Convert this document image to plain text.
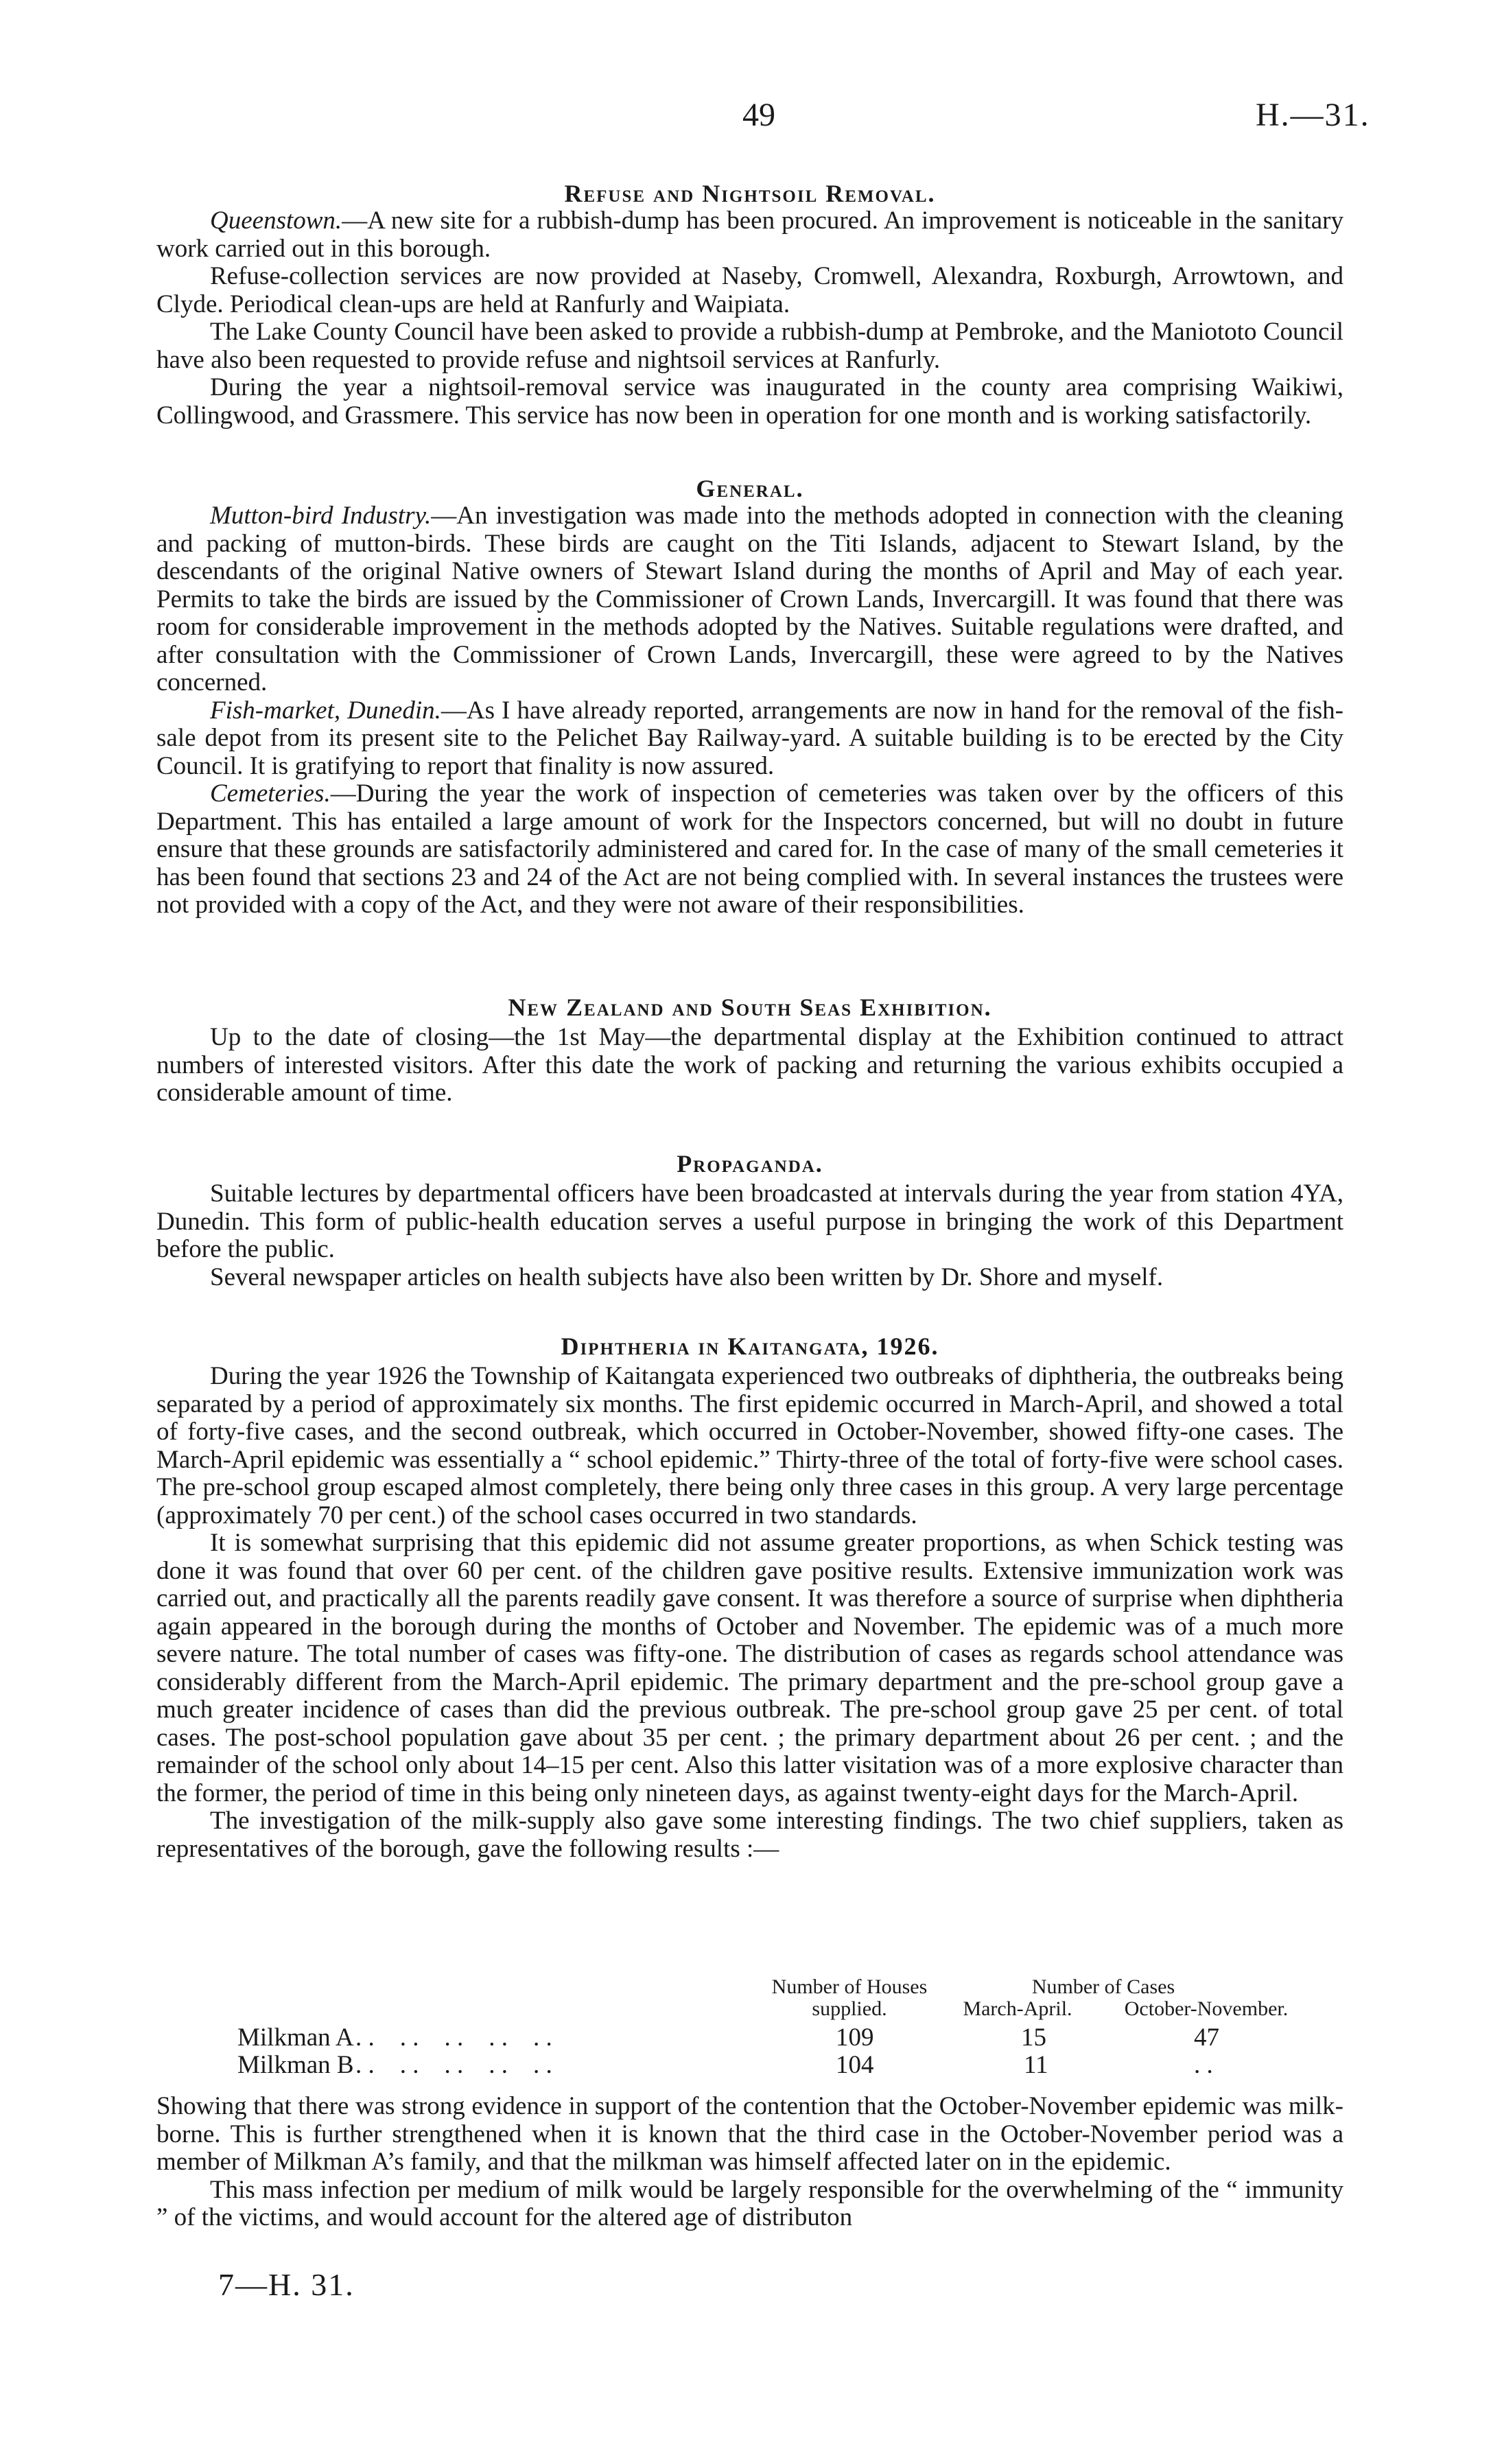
49	H.—31.
Refuse and Nightsoil Removal.

Queenstown.—A new site for a rubbish-dump has been procured. An improvement is noticeable in the sanitary work carried out in this borough.

Refuse-collection services are now provided at Naseby, Cromwell, Alexandra, Roxburgh, Arrowtown, and Clyde. Periodical clean-ups are held at Ranfurly and Waipiata.

The Lake County Council have been asked to provide a rubbish-dump at Pembroke, and the Maniototo Council have also been requested to provide refuse and nightsoil services at Ranfurly.

During the year a nightsoil-removal service was inaugurated in the county area comprising Waikiwi, Collingwood, and Grassmere. This service has now been in operation for one month and is working satisfactorily.

General.

Mutton-bird Industry.—An investigation was made into the methods adopted in connection with the cleaning and packing of mutton-birds. These birds are caught on the Titi Islands, adjacent to Stewart Island, by the descendants of the original Native owners of Stewart Island during the months of April and May of each year. Permits to take the birds are issued by the Commissioner of Crown Lands, Invercargill. It was found that there was room for considerable improvement in the methods adopted by the Natives. Suitable regulations were drafted, and after consultation with the Commissioner of Crown Lands, Invercargill, these were agreed to by the Natives concerned.

Fish-market, Dunedin.—As I have already reported, arrangements are now in hand for the removal of the fish-sale depot from its present site to the Pelichet Bay Railway-yard. A suitable building is to be erected by the City Council. It is gratifying to report that finality is now assured.

Cemeteries.—During the year the work of inspection of cemeteries was taken over by the officers of this Department. This has entailed a large amount of work for the Inspectors concerned, but will no doubt in future ensure that these grounds are satisfactorily administered and cared for. In the case of many of the small cemeteries it has been found that sections 23 and 24 of the Act are not being complied with. In several instances the trustees were not provided with a copy of the Act, and they were not aware of their responsibilities.

New Zealand and South Seas Exhibition.

Up to the date of closing—the 1st May—the departmental display at the Exhibition continued to attract numbers of interested visitors. After this date the work of packing and returning the various exhibits occupied a considerable amount of time.

Propaganda.

Suitable lectures by departmental officers have been broadcasted at intervals during the year from station 4YA, Dunedin. This form of public-health education serves a useful purpose in bringing the work of this Department before the public.

Several newspaper articles on health subjects have also been written by Dr. Shore and myself.

Diphtheria in Kaitangata, 1926.

During the year 1926 the Township of Kaitangata experienced two outbreaks of diphtheria, the outbreaks being separated by a period of approximately six months. The first epidemic occurred in March-April, and showed a total of forty-five cases, and the second outbreak, which occurred in October-November, showed fifty-one cases. The March-April epidemic was essentially a “ school epidemic.” Thirty-three of the total of forty-five were school cases. The pre-school group escaped almost completely, there being only three cases in this group. A very large percentage (approximately 70 per cent.) of the school cases occurred in two standards.

It is somewhat surprising that this epidemic did not assume greater proportions, as when Schick testing was done it was found that over 60 per cent. of the children gave positive results. Extensive immunization work was carried out, and practically all the parents readily gave consent. It was therefore a source of surprise when diphtheria again appeared in the borough during the months of October and November. The epidemic was of a much more severe nature. The total number of cases was fifty-one. The distribution of cases as regards school attendance was considerably different from the March-April epidemic. The primary department and the pre-school group gave a much greater incidence of cases than did the previous outbreak. The pre-school group gave 25 per cent. of total cases. The post-school population gave about 35 per cent. ; the primary department about 26 per cent. ; and the remainder of the school only about 14–15 per cent. Also this latter visitation was of a more explosive character than the former, the period of time in this being only nineteen days, as against twenty-eight days for the March-April.

The investigation of the milk-supply also gave some interesting findings. The two chief suppliers, taken as representatives of the borough, gave the following results :—

Number of Houses supplied.
Number of Cases
March-April.	October-November.
Milkman A . .    . .    . .    . .    . .	109	15	47
Milkman B . .    . .    . .    . .    . .	104	11	. .

Showing that there was strong evidence in support of the contention that the October-November epidemic was milk-borne. This is further strengthened when it is known that the third case in the October-November period was a member of Milkman A’s family, and that the milkman was himself affected later on in the epidemic.

This mass infection per medium of milk would be largely responsible for the overwhelming of the “ immunity ” of the victims, and would account for the altered age of distributon

7—H. 31.
